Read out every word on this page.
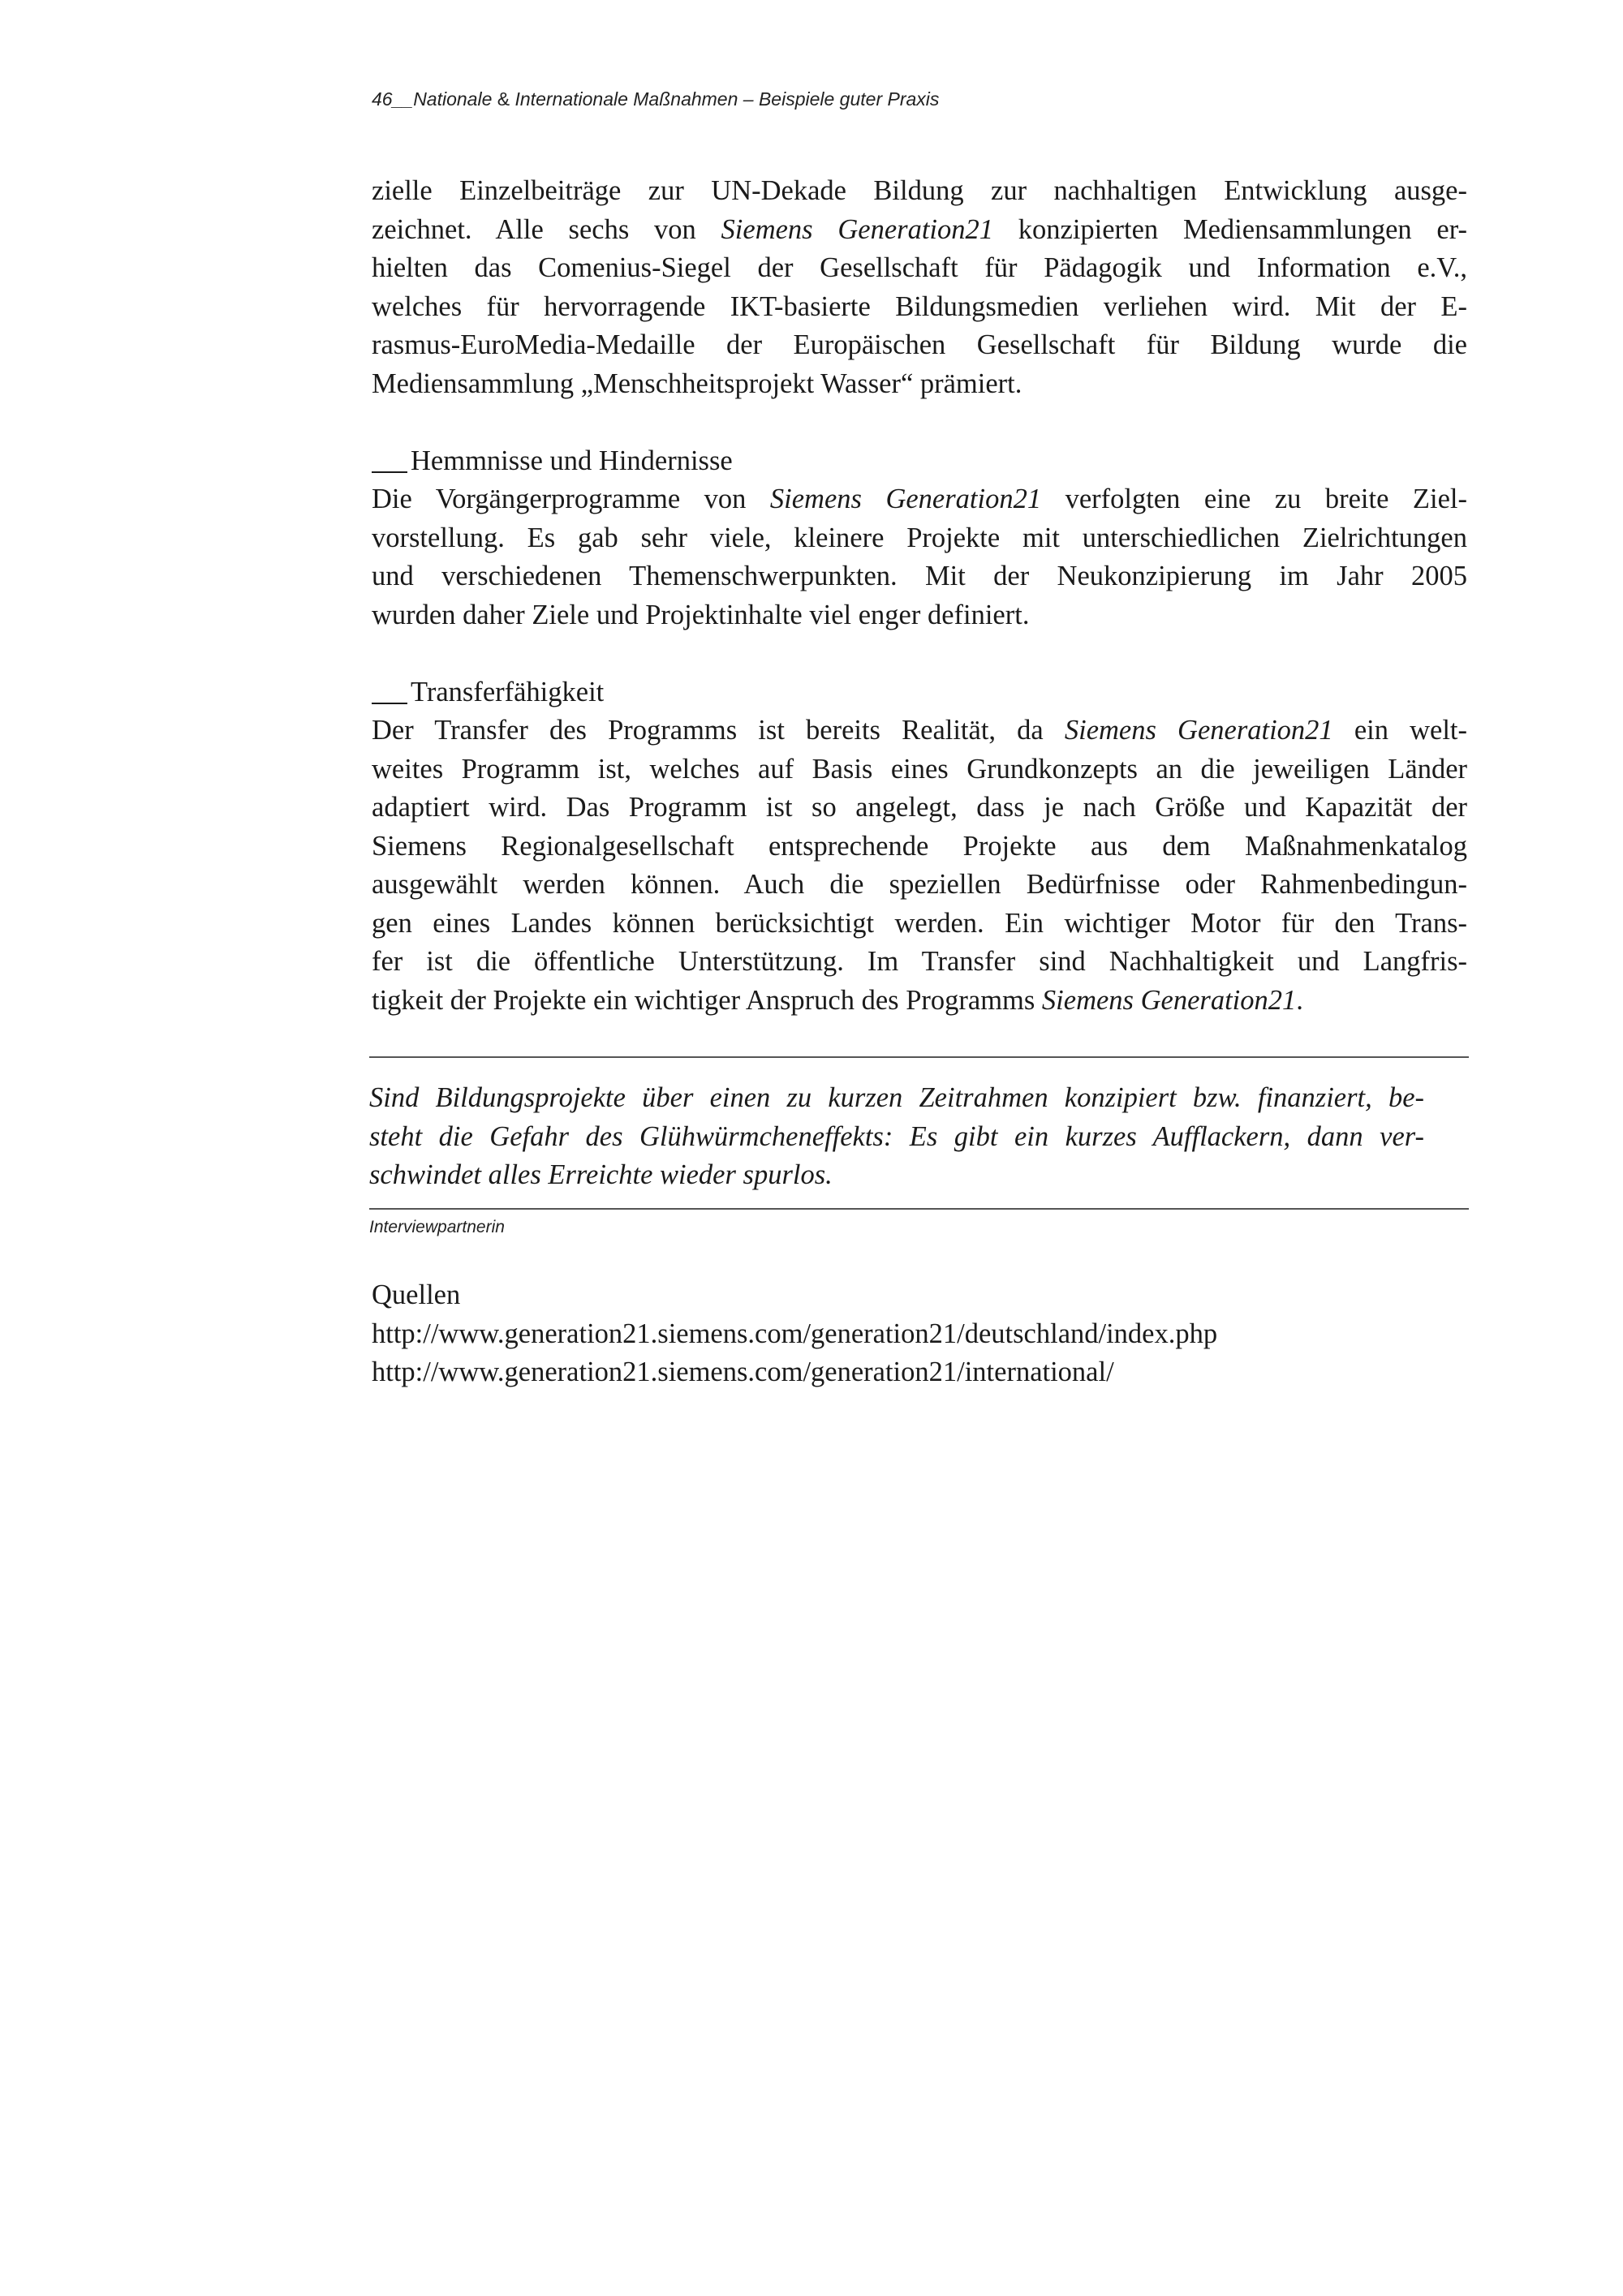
46__Nationale & Internationale Maßnahmen – Beispiele guter Praxis
zielle Einzelbeiträge zur UN-Dekade Bildung zur nachhaltigen Entwicklung ausge-
zeichnet. Alle sechs von Siemens Generation21 konzipierten Mediensammlungen er-
hielten das Comenius-Siegel der Gesellschaft für Pädagogik und Information e.V.,
welches für hervorragende IKT-basierte Bildungsmedien verliehen wird. Mit der E-
rasmus-EuroMedia-Medaille der Europäischen Gesellschaft für Bildung wurde die
Mediensammlung „Menschheitsprojekt Wasser“ prämiert.
Hemmnisse und Hindernisse
Die Vorgängerprogramme von Siemens Generation21 verfolgten eine zu breite Ziel-
vorstellung. Es gab sehr viele, kleinere Projekte mit unterschiedlichen Zielrichtungen
und verschiedenen Themenschwerpunkten. Mit der Neukonzipierung im Jahr 2005
wurden daher Ziele und Projektinhalte viel enger definiert.
Transferfähigkeit
Der Transfer des Programms ist bereits Realität, da Siemens Generation21 ein welt-
weites Programm ist, welches auf Basis eines Grundkonzepts an die jeweiligen Länder
adaptiert wird. Das Programm ist so angelegt, dass je nach Größe und Kapazität der
Siemens Regionalgesellschaft entsprechende Projekte aus dem Maßnahmenkatalog
ausgewählt werden können. Auch die speziellen Bedürfnisse oder Rahmenbedingun-
gen eines Landes können berücksichtigt werden. Ein wichtiger Motor für den Trans-
fer ist die öffentliche Unterstützung. Im Transfer sind Nachhaltigkeit und Langfris-
tigkeit der Projekte ein wichtiger Anspruch des Programms Siemens Generation21.
Sind Bildungsprojekte über einen zu kurzen Zeitrahmen konzipiert bzw. finanziert, be-
steht die Gefahr des Glühwürmcheneffekts: Es gibt ein kurzes Aufflackern, dann ver-
schwindet alles Erreichte wieder spurlos.
Interviewpartnerin
Quellen
http://www.generation21.siemens.com/generation21/deutschland/index.php
http://www.generation21.siemens.com/generation21/international/
